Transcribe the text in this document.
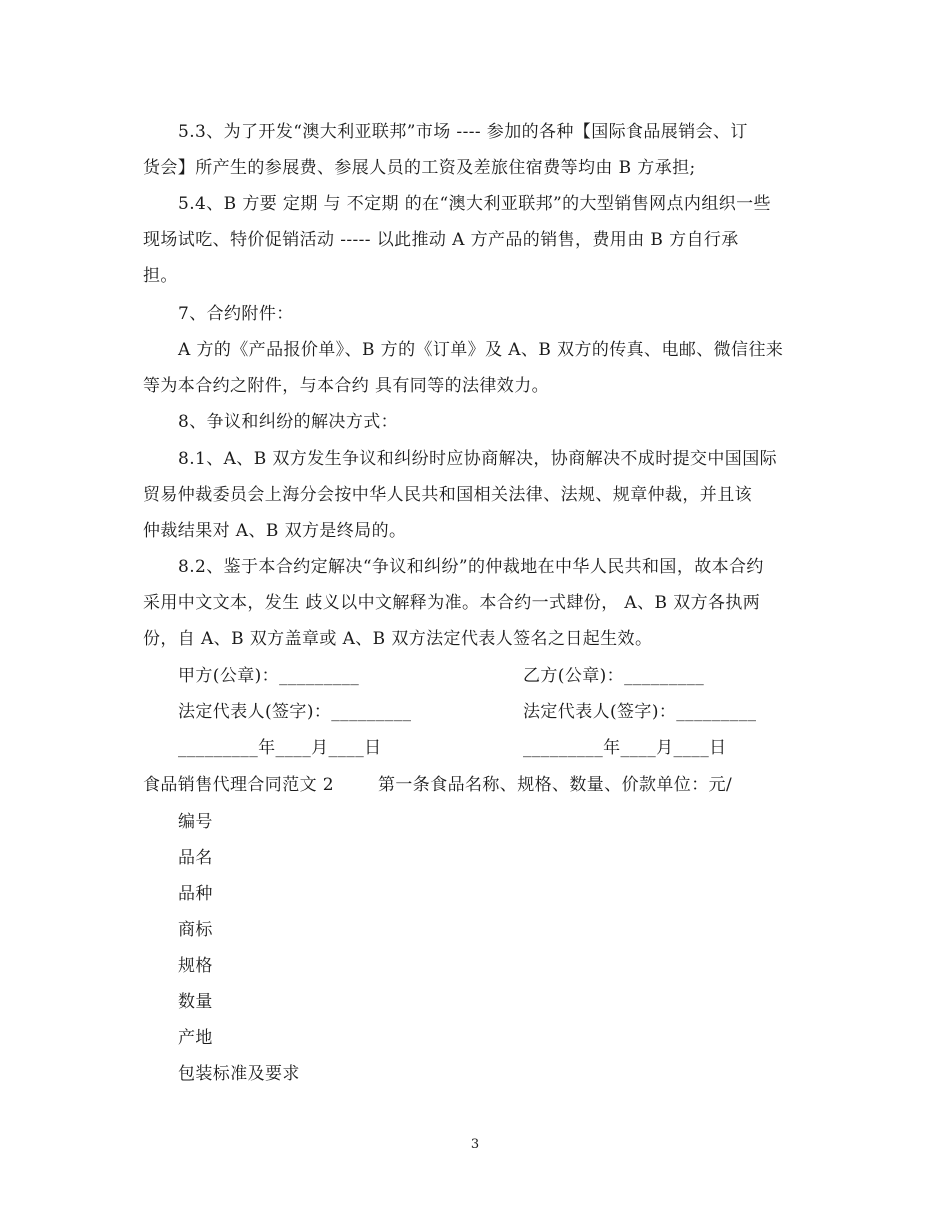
5.3、为了开发“澳大利亚联邦”市场 ---- 参加的各种【国际食品展销会、订
货会】所产生的参展费、参展人员的工资及差旅住宿费等均由 B 方承担;
5.4、B 方要 定期 与 不定期 的在“澳大利亚联邦”的大型销售网点内组织一些
现场试吃、特价促销活动 ----- 以此推动 A 方产品的销售，费用由 B 方自行承
担。
7、合约附件：
A 方的《产品报价单》、B 方的《订单》及 A、B 双方的传真、电邮、微信往来
等为本合约之附件，与本合约 具有同等的法律效力。
8、争议和纠纷的解决方式：
8.1、A、B 双方发生争议和纠纷时应协商解决，协商解决不成时提交中国国际
贸易仲裁委员会上海分会按中华人民共和国相关法律、法规、规章仲裁，并且该
仲裁结果对 A、B 双方是终局的。
8.2、鉴于本合约定解决“争议和纠纷”的仲裁地在中华人民共和国，故本合约
采用中文文本，发生 歧义以中文解释为准。本合约一式肆份， A、B 双方各执两
份，自 A、B 双方盖章或 A、B 双方法定代表人签名之日起生效。
甲方(公章)：_________	乙方(公章)：_________
法定代表人(签字)：_________	法定代表人(签字)：_________
_________年____月____日	_________年____月____日
食品销售代理合同范文 2	第一条食品名称、规格、数量、价款单位：元/
编号
品名
品种
商标
规格
数量
产地
包装标准及要求
3
